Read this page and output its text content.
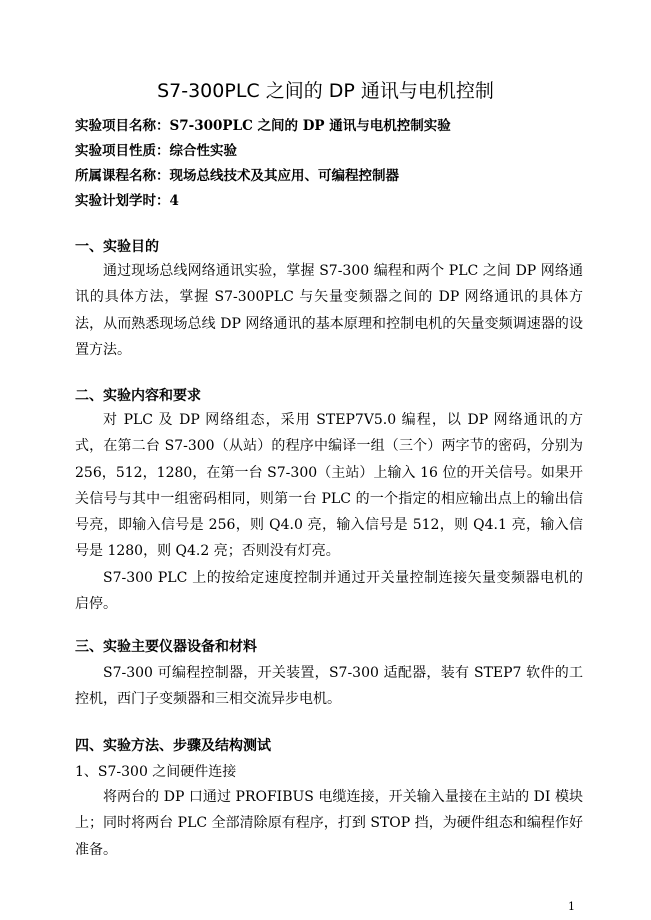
S7-300PLC 之间的 DP 通讯与电机控制
实验项目名称：S7-300PLC 之间的 DP 通讯与电机控制实验
实验项目性质：综合性实验
所属课程名称：现场总线技术及其应用、可编程控制器
实验计划学时：4
一、实验目的
通过现场总线网络通讯实验，掌握 S7-300 编程和两个 PLC 之间 DP 网络通讯的具体方法，掌握 S7-300PLC 与矢量变频器之间的 DP 网络通讯的具体方法，从而熟悉现场总线 DP 网络通讯的基本原理和控制电机的矢量变频调速器的设置方法。
二、实验内容和要求
对 PLC 及 DP 网络组态，采用 STEP7V5.0 编程，以 DP 网络通讯的方式，在第二台 S7-300（从站）的程序中编译一组（三个）两字节的密码，分别为 256，512，1280，在第一台 S7-300（主站）上输入 16 位的开关信号。如果开关信号与其中一组密码相同，则第一台 PLC 的一个指定的相应输出点上的输出信号亮，即输入信号是 256，则 Q4.0 亮，输入信号是 512，则 Q4.1 亮，输入信号是 1280，则 Q4.2 亮；否则没有灯亮。
S7-300 PLC 上的按给定速度控制并通过开关量控制连接矢量变频器电机的启停。
三、实验主要仪器设备和材料
S7-300 可编程控制器，开关装置，S7-300 适配器，装有 STEP7 软件的工控机，西门子变频器和三相交流异步电机。
四、实验方法、步骤及结构测试
1、S7-300 之间硬件连接
将两台的 DP 口通过 PROFIBUS 电缆连接，开关输入量接在主站的 DI 模块上；同时将两台 PLC 全部清除原有程序，打到 STOP 挡，为硬件组态和编程作好准备。
1
